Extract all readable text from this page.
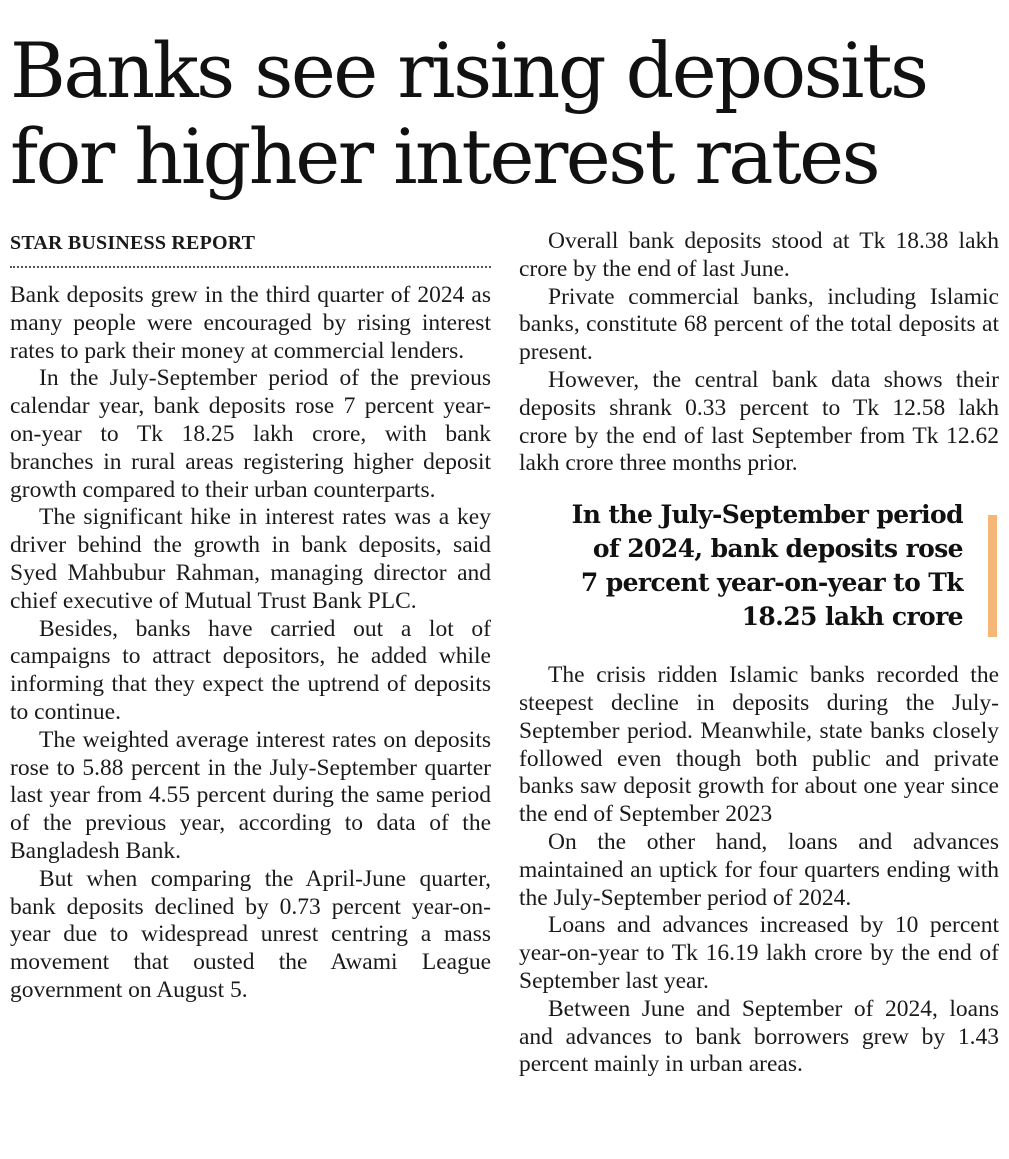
Banks see rising deposits
for higher interest rates
STAR BUSINESS REPORT

Bank deposits grew in the third quarter of 2024 as many people were encouraged by rising interest rates to park their money at commercial lenders.

In the July-September period of the previous calendar year, bank deposits rose 7 percent year-on-year to Tk 18.25 lakh crore, with bank branches in rural areas registering higher deposit growth compared to their urban counterparts.

The significant hike in interest rates was a key driver behind the growth in bank deposits, said Syed Mahbubur Rahman, managing director and chief executive of Mutual Trust Bank PLC.

Besides, banks have carried out a lot of campaigns to attract depositors, he added while informing that they expect the uptrend of deposits to continue.

The weighted average interest rates on deposits rose to 5.88 percent in the July-September quarter last year from 4.55 percent during the same period of the previous year, according to data of the Bangladesh Bank.

But when comparing the April-June quarter, bank deposits declined by 0.73 percent year-on-year due to widespread unrest centring a mass movement that ousted the Awami League government on August 5.

Overall bank deposits stood at Tk 18.38 lakh crore by the end of last June.

Private commercial banks, including Islamic banks, constitute 68 percent of the total deposits at present.

However, the central bank data shows their deposits shrank 0.33 percent to Tk 12.58 lakh crore by the end of last September from Tk 12.62 lakh crore three months prior.

In the July-September period
of 2024, bank deposits rose
7 percent year-on-year to Tk
18.25 lakh crore

The crisis ridden Islamic banks recorded the steepest decline in deposits during the July-September period. Meanwhile, state banks closely followed even though both public and private banks saw deposit growth for about one year since the end of September 2023

On the other hand, loans and advances maintained an uptick for four quarters ending with the July-September period of 2024.

Loans and advances increased by 10 percent year-on-year to Tk 16.19 lakh crore by the end of September last year.

Between June and September of 2024, loans and advances to bank borrowers grew by 1.43 percent mainly in urban areas.
